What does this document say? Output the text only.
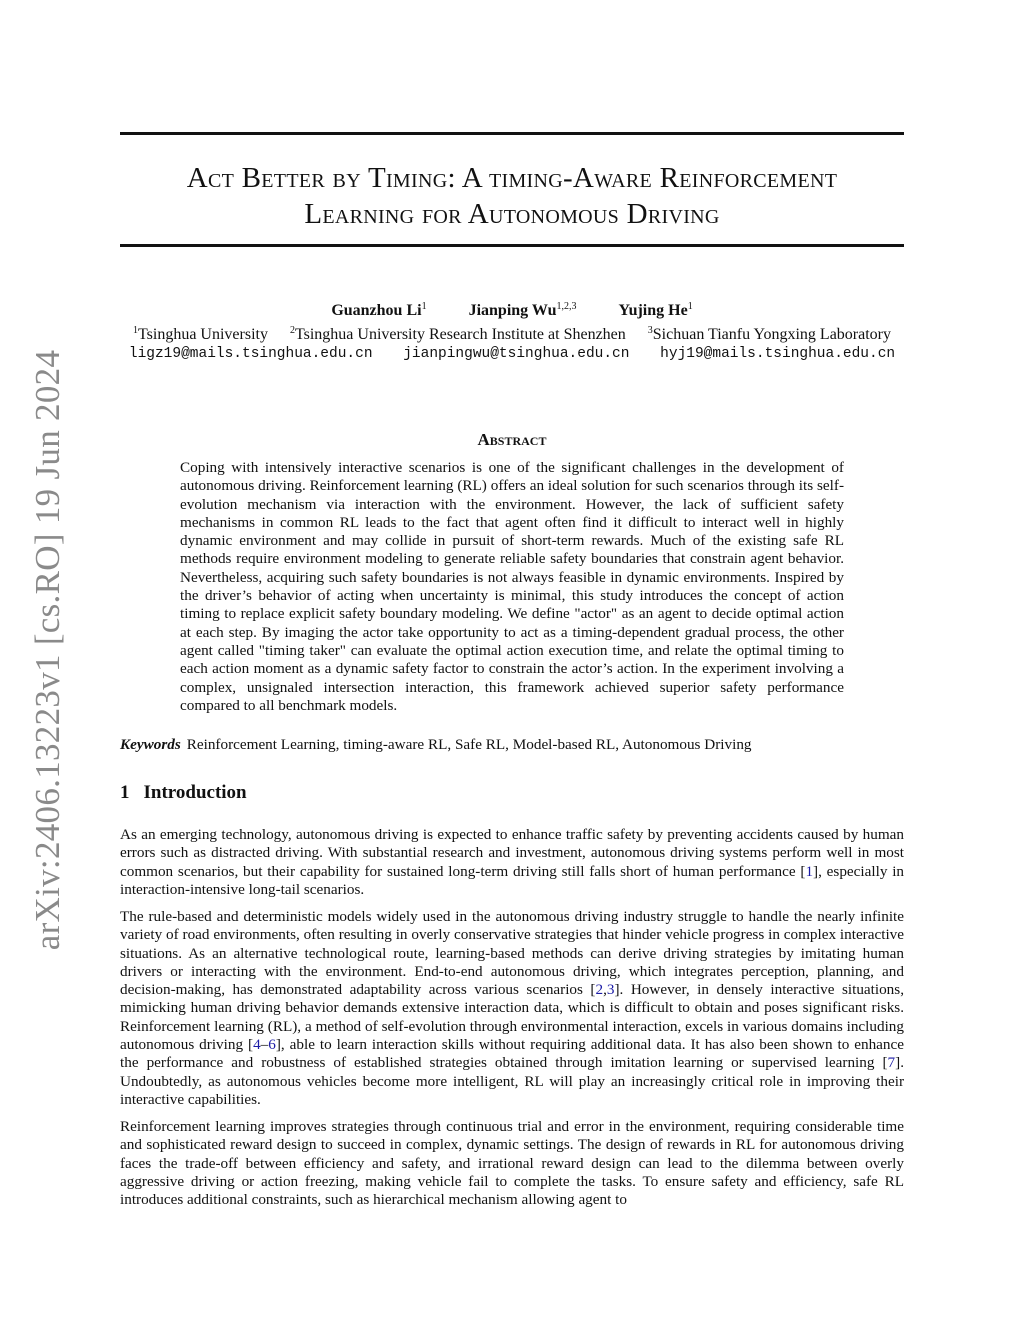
arXiv:2406.13223v1 [cs.RO] 19 Jun 2024
Act Better by Timing: A timing-Aware Reinforcement
Learning for Autonomous Driving
Guanzhou Li$^1$	Jianping Wu$^{1,2,3}$	Yujing He$^1$
$^1$Tsinghua University $^2$Tsinghua University Research Institute at Shenzhen $^3$Sichuan Tianfu Yongxing Laboratory
ligz19@mails.tsinghua.edu.cn jianpingwu@tsinghua.edu.cn hyj19@mails.tsinghua.edu.cn
Abstract

Coping with intensively interactive scenarios is one of the significant challenges in the development of autonomous driving. Reinforcement learning (RL) offers an ideal solution for such scenarios through its self-evolution mechanism via interaction with the environment. However, the lack of sufficient safety mechanisms in common RL leads to the fact that agent often find it difficult to interact well in highly dynamic environment and may collide in pursuit of short-term rewards. Much of the existing safe RL methods require environment modeling to generate reliable safety boundaries that constrain agent behavior. Nevertheless, acquiring such safety boundaries is not always feasible in dynamic environments. Inspired by the driver’s behavior of acting when uncertainty is minimal, this study introduces the concept of action timing to replace explicit safety boundary modeling. We define "actor" as an agent to decide optimal action at each step. By imaging the actor take opportunity to act as a timing-dependent gradual process, the other agent called "timing taker" can evaluate the optimal action execution time, and relate the optimal timing to each action moment as a dynamic safety factor to constrain the actor’s action. In the experiment involving a complex, unsignaled intersection interaction, this framework achieved superior safety performance compared to all benchmark models.

Keywords Reinforcement Learning, timing-aware RL, Safe RL, Model-based RL, Autonomous Driving
1 Introduction

As an emerging technology, autonomous driving is expected to enhance traffic safety by preventing accidents caused by human errors such as distracted driving. With substantial research and investment, autonomous driving systems perform well in most common scenarios, but their capability for sustained long-term driving still falls short of human performance [1], especially in interaction-intensive long-tail scenarios.

The rule-based and deterministic models widely used in the autonomous driving industry struggle to handle the nearly infinite variety of road environments, often resulting in overly conservative strategies that hinder vehicle progress in complex interactive situations. As an alternative technological route, learning-based methods can derive driving strategies by imitating human drivers or interacting with the environment. End-to-end autonomous driving, which integrates perception, planning, and decision-making, has demonstrated adaptability across various scenarios [2,3]. However, in densely interactive situations, mimicking human driving behavior demands extensive interaction data, which is difficult to obtain and poses significant risks. Reinforcement learning (RL), a method of self-evolution through environmental interaction, excels in various domains including autonomous driving [4–6], able to learn interaction skills without requiring additional data. It has also been shown to enhance the performance and robustness of established strategies obtained through imitation learning or supervised learning [7]. Undoubtedly, as autonomous vehicles become more intelligent, RL will play an increasingly critical role in improving their interactive capabilities.

Reinforcement learning improves strategies through continuous trial and error in the environment, requiring considerable time and sophisticated reward design to succeed in complex, dynamic settings. The design of rewards in RL for autonomous driving faces the trade-off between efficiency and safety, and irrational reward design can lead to the dilemma between overly aggressive driving or action freezing, making vehicle fail to complete the tasks. To ensure safety and efficiency, safe RL introduces additional constraints, such as hierarchical mechanism allowing agent to
